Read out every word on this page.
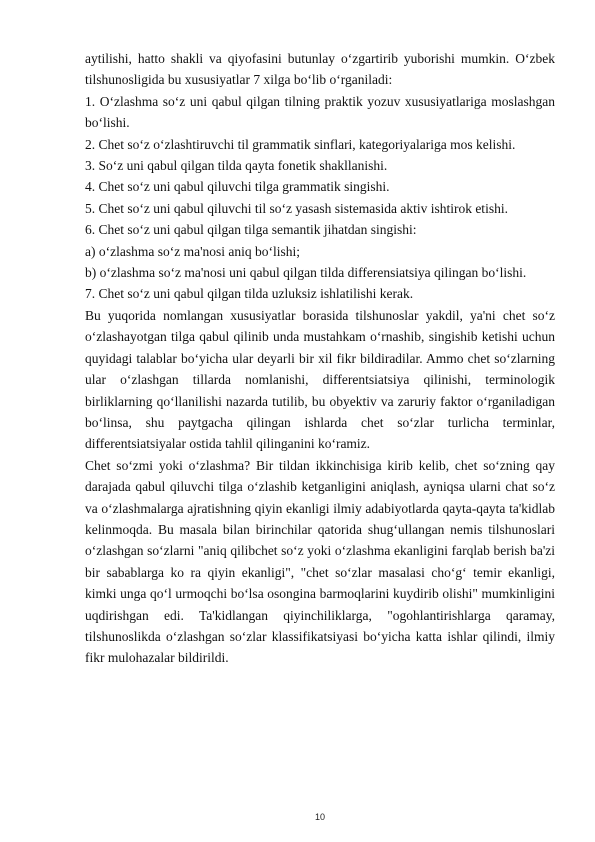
aytilishi, hatto shakli va qiyofasini butunlay o‘zgartirib yuborishi mumkin. O‘zbek tilshunosligida bu xususiyatlar 7 xilga bo‘lib o‘rganiladi:

1. O‘zlashma so‘z uni qabul qilgan tilning praktik yozuv xususiyatlariga moslashgan bo‘lishi.

2. Chet so‘z o‘zlashtiruvchi til grammatik sinflari, kategoriyalariga mos kelishi.

3. So‘z uni qabul qilgan tilda qayta fonetik shakllanishi.

4. Chet so‘z uni qabul qiluvchi tilga grammatik singishi.

5. Chet so‘z uni qabul qiluvchi til so‘z yasash sistemasida aktiv ishtirok etishi.

6. Chet so‘z uni qabul qilgan tilga semantik jihatdan singishi:

a) o‘zlashma so‘z ma'nosi aniq bo‘lishi;

b) o‘zlashma so‘z ma'nosi uni qabul qilgan tilda differensiatsiya qilingan bo‘lishi.

7. Chet so‘z uni qabul qilgan tilda uzluksiz ishlatilishi kerak.

Bu yuqorida nomlangan xususiyatlar borasida tilshunoslar yakdil, ya'ni chet so‘z o‘zlashayotgan tilga qabul qilinib unda mustahkam o‘rnashib, singishib ketishi uchun quyidagi talablar bo‘yicha ular deyarli bir xil fikr bildiradilar. Ammo chet so‘zlarning ular o‘zlashgan tillarda nomlanishi, differentsiatsiya qilinishi, terminologik birliklarning qo‘llanilishi nazarda tutilib, bu obyektiv va zaruriy faktor o‘rganiladigan bo‘linsa, shu paytgacha qilingan ishlarda chet so‘zlar turlicha terminlar, differentsiatsiyalar ostida tahlil qilinganini ko‘ramiz.

Chet so‘zmi yoki o‘zlashma? Bir tildan ikkinchisiga kirib kelib, chet so‘zning qay darajada qabul qiluvchi tilga o‘zlashib ketganligini aniqlash, ayniqsa ularni chat so‘z va o‘zlashmalarga ajratishning qiyin ekanligi ilmiy adabiyotlarda qayta-qayta ta'kidlab kelinmoqda. Bu masala bilan birinchilar qatorida shug‘ullangan nemis tilshunoslari o‘zlashgan so‘zlarni "aniq qilibchet so‘z yoki o‘zlashma ekanligini farqlab berish ba'zi bir sabablarga ko ra qiyin ekanligi", "chet so‘zlar masalasi cho‘g‘ temir ekanligi, kimki unga qo‘l urmoqchi bo‘lsa osongina barmoqlarini kuydirib olishi" mumkinligini uqdirishgan edi. Ta'kidlangan qiyinchiliklarga, "ogohlantirishlarga qaramay, tilshunoslikda o‘zlashgan so‘zlar klassifikatsiyasi bo‘yicha katta ishlar qilindi, ilmiy fikr mulohazalar bildirildi.

10
